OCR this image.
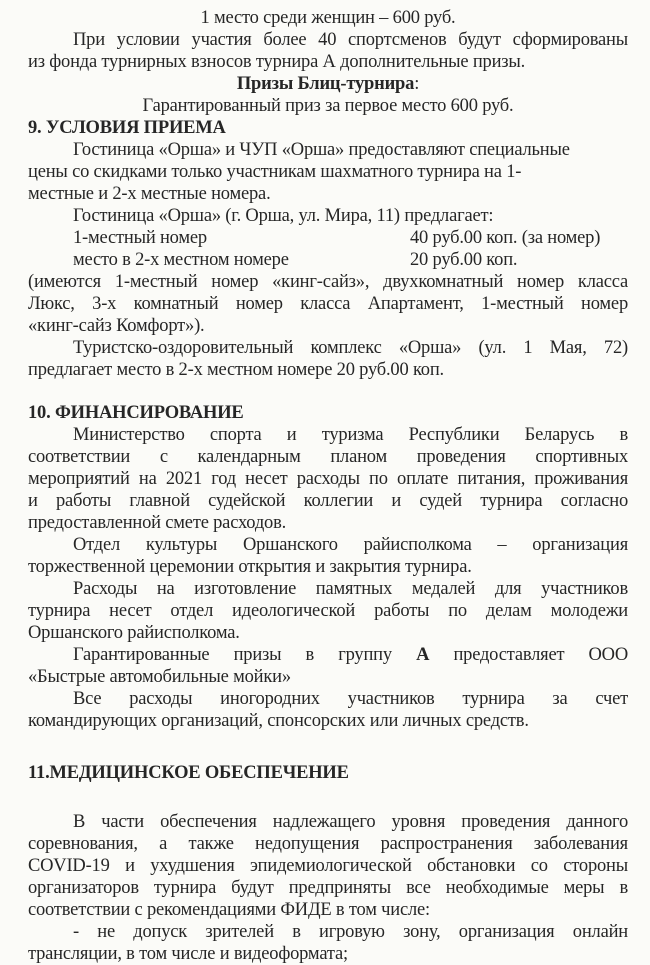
1 место среди женщин – 600 руб.
При условии участия более 40 спортсменов будут сформированы
из фонда турнирных взносов турнира А дополнительные призы.
Призы Блиц-турнира:
Гарантированный приз за первое место 600 руб.
9. УСЛОВИЯ ПРИЕМА
Гостиница «Орша» и ЧУП «Орша» предоставляют специальные
цены со скидками только участникам шахматного турнира на 1-
местные и 2-х местные номера.
Гостиница «Орша» (г. Орша, ул. Мира, 11) предлагает:
1-местный номер	40 руб.00 коп. (за номер)
место в 2-х местном номере	20 руб.00 коп.
(имеются 1-местный номер «кинг-сайз», двухкомнатный номер класса
Люкс, 3-х комнатный номер класса Апартамент, 1-местный номер
«кинг-сайз Комфорт»).
Туристско-оздоровительный комплекс «Орша» (ул. 1 Мая, 72)
предлагает место в 2-х местном номере 20 руб.00 коп.
10. ФИНАНСИРОВАНИЕ
Министерство спорта и туризма Республики Беларусь в
соответствии с календарным планом проведения спортивных
мероприятий на 2021 год несет расходы по оплате питания, проживания
и работы главной судейской коллегии и судей турнира согласно
предоставленной смете расходов.
Отдел культуры Оршанского райисполкома – организация
торжественной церемонии открытия и закрытия турнира.
Расходы на изготовление памятных медалей для участников
турнира несет отдел идеологической работы по делам молодежи
Оршанского райисполкома.
Гарантированные призы в группу А предоставляет ООО
«Быстрые автомобильные мойки»
Все расходы иногородних участников турнира за счет
командирующих организаций, спонсорских или личных средств.
11.МЕДИЦИНСКОЕ ОБЕСПЕЧЕНИЕ
В части обеспечения надлежащего уровня проведения данного
соревнования, а также недопущения распространения заболевания
COVID-19 и ухудшения эпидемиологической обстановки со стороны
организаторов турнира будут предприняты все необходимые меры в
соответствии с рекомендациями ФИДЕ в том числе:
- не допуск зрителей в игровую зону, организация онлайн
трансляции, в том числе и видеоформата;
